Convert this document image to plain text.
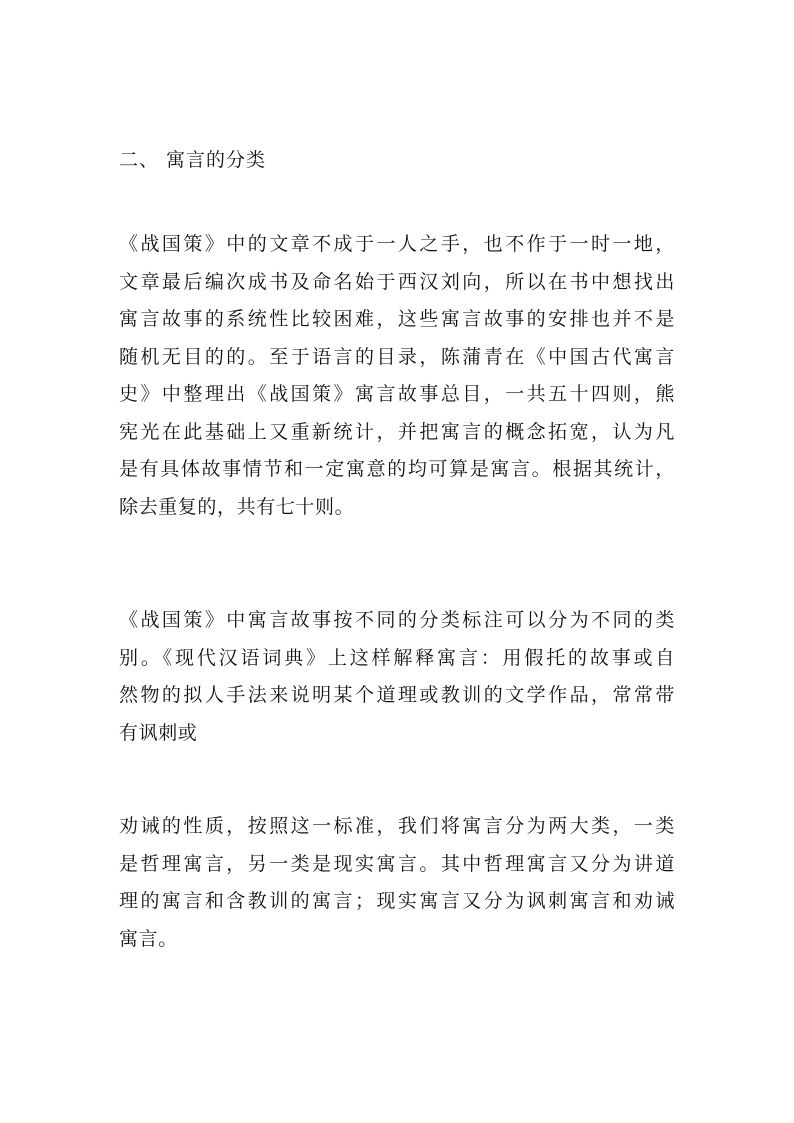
二、 寓言的分类
《战国策》中的文章不成于一人之手，也不作于一时一地，
文章最后编次成书及命名始于西汉刘向，所以在书中想找出
寓言故事的系统性比较困难，这些寓言故事的安排也并不是
随机无目的的。至于语言的目录，陈蒲青在《中国古代寓言
史》中整理出《战国策》寓言故事总目，一共五十四则，熊
宪光在此基础上又重新统计，并把寓言的概念拓宽，认为凡
是有具体故事情节和一定寓意的均可算是寓言。根据其统计，
除去重复的，共有七十则。
《战国策》中寓言故事按不同的分类标注可以分为不同的类
别。《现代汉语词典》上这样解释寓言：用假托的故事或自
然物的拟人手法来说明某个道理或教训的文学作品，常常带
有讽刺或
劝诫的性质，按照这一标准，我们将寓言分为两大类，一类
是哲理寓言，另一类是现实寓言。其中哲理寓言又分为讲道
理的寓言和含教训的寓言；现实寓言又分为讽刺寓言和劝诫
寓言。
